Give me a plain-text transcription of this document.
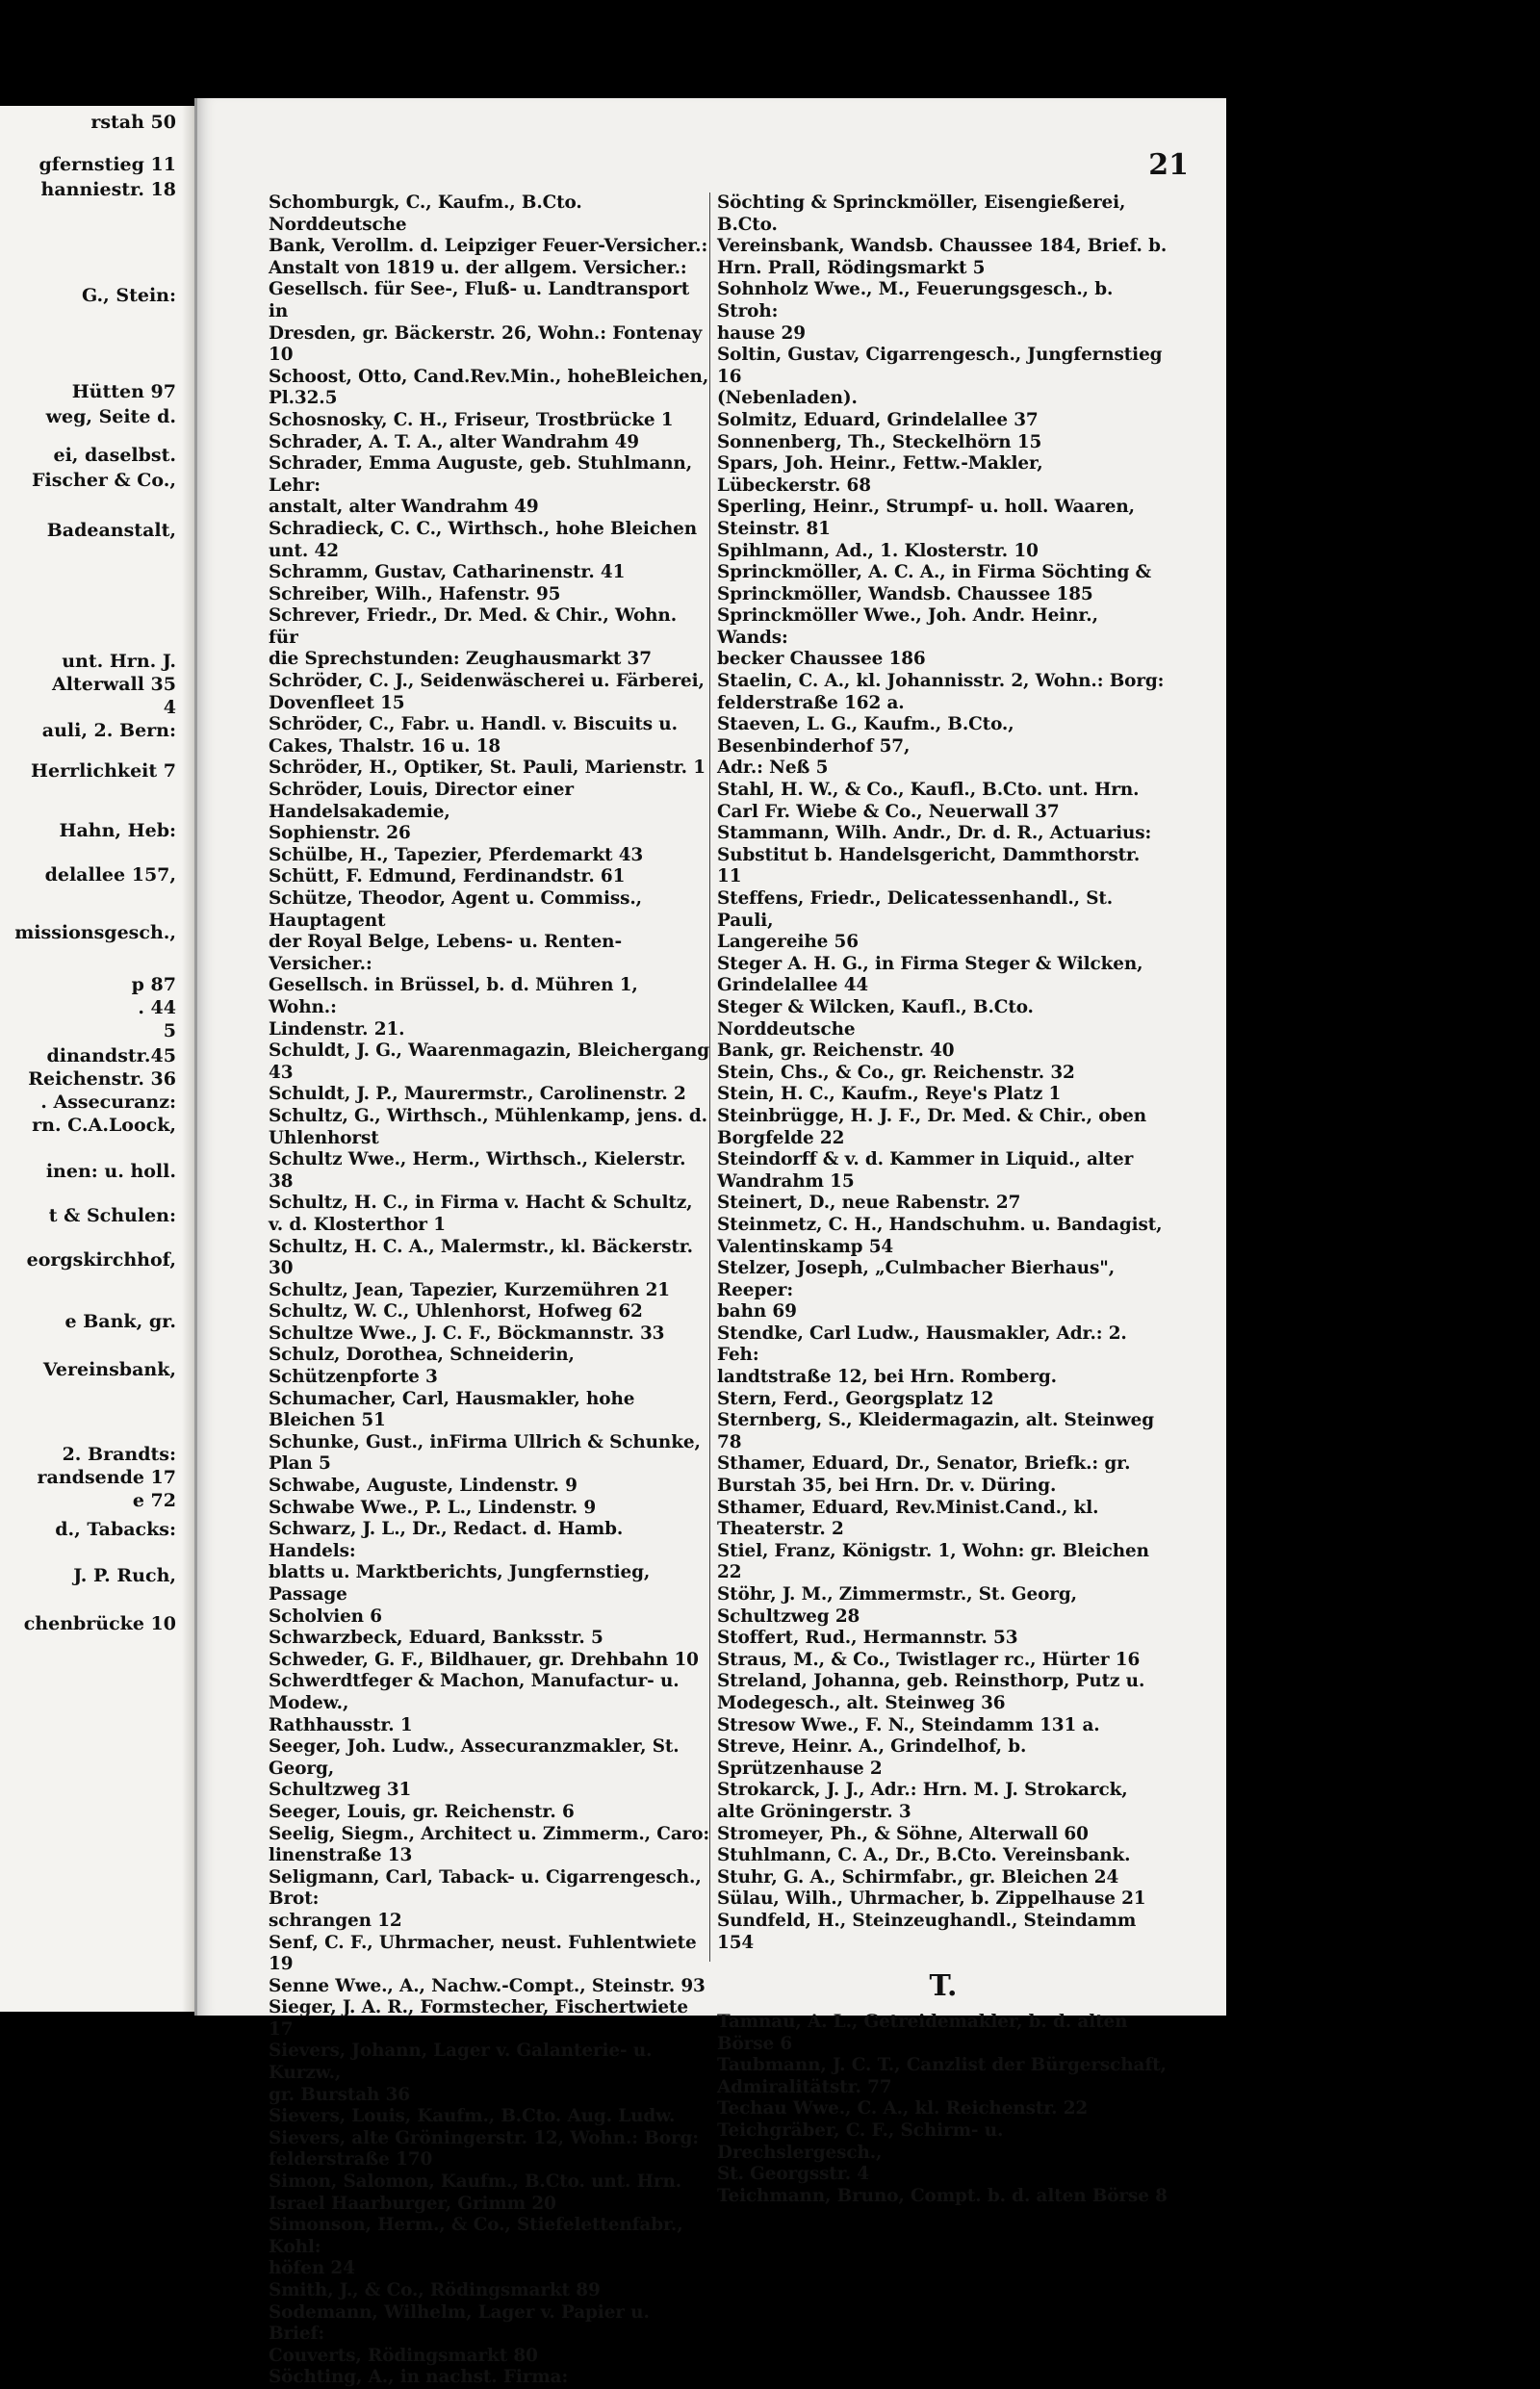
rstah 50
gfernstieg 11
hanniestr. 18
G., Stein:
Hütten 97
weg, Seite d.
ei, daselbst.
Fischer & Co.,
Badeanstalt,
unt. Hrn. J.
Alterwall 35
4
auli, 2. Bern:
Herrlichkeit 7
Hahn, Heb:
delallee 157,
missionsgesch.,
p 87
. 44
5
dinandstr.45
Reichenstr. 36
. Assecuranz:
rn. C.A.Loock,
inen: u. holl.
t & Schulen:
eorgskirchhof,
e Bank, gr.
Vereinsbank,
2. Brandts:
randsende 17
e 72
d., Tabacks:
J. P. Ruch,
chenbrücke 10
21
Schomburgk, C., Kaufm., B.Cto. Norddeutsche
Bank, Verollm. d. Leipziger Feuer-Versicher.:
Anstalt von 1819 u. der allgem. Versicher.:
Gesellsch. für See-, Fluß- u. Landtransport in
Dresden, gr. Bäckerstr. 26, Wohn.: Fontenay 10
Schoost, Otto, Cand.Rev.Min., hoheBleichen, Pl.32.5
Schosnosky, C. H., Friseur, Trostbrücke 1
Schrader, A. T. A., alter Wandrahm 49
Schrader, Emma Auguste, geb. Stuhlmann, Lehr:
anstalt, alter Wandrahm 49
Schradieck, C. C., Wirthsch., hohe Bleichen unt. 42
Schramm, Gustav, Catharinenstr. 41
Schreiber, Wilh., Hafenstr. 95
Schrever, Friedr., Dr. Med. & Chir., Wohn. für
die Sprechstunden: Zeughausmarkt 37
Schröder, C. J., Seidenwäscherei u. Färberei,
Dovenfleet 15
Schröder, C., Fabr. u. Handl. v. Biscuits u.
Cakes, Thalstr. 16 u. 18
Schröder, H., Optiker, St. Pauli, Marienstr. 1
Schröder, Louis, Director einer Handelsakademie,
Sophienstr. 26
Schülbe, H., Tapezier, Pferdemarkt 43
Schütt, F. Edmund, Ferdinandstr. 61
Schütze, Theodor, Agent u. Commiss., Hauptagent
der Royal Belge, Lebens- u. Renten-Versicher.:
Gesellsch. in Brüssel, b. d. Mühren 1, Wohn.:
Lindenstr. 21.
Schuldt, J. G., Waarenmagazin, Bleichergang 43
Schuldt, J. P., Maurermstr., Carolinenstr. 2
Schultz, G., Wirthsch., Mühlenkamp, jens. d. Uhlenhorst
Schultz Wwe., Herm., Wirthsch., Kielerstr. 38
Schultz, H. C., in Firma v. Hacht & Schultz,
v. d. Klosterthor 1
Schultz, H. C. A., Malermstr., kl. Bäckerstr. 30
Schultz, Jean, Tapezier, Kurzemühren 21
Schultz, W. C., Uhlenhorst, Hofweg 62
Schultze Wwe., J. C. F., Böckmannstr. 33
Schulz, Dorothea, Schneiderin, Schützenpforte 3
Schumacher, Carl, Hausmakler, hohe Bleichen 51
Schunke, Gust., inFirma Ullrich & Schunke, Plan 5
Schwabe, Auguste, Lindenstr. 9
Schwabe Wwe., P. L., Lindenstr. 9
Schwarz, J. L., Dr., Redact. d. Hamb. Handels:
blatts u. Marktberichts, Jungfernstieg, Passage
Scholvien 6
Schwarzbeck, Eduard, Banksstr. 5
Schweder, G. F., Bildhauer, gr. Drehbahn 10
Schwerdtfeger & Machon, Manufactur- u. Modew.,
Rathhausstr. 1
Seeger, Joh. Ludw., Assecuranzmakler, St. Georg,
Schultzweg 31
Seeger, Louis, gr. Reichenstr. 6
Seelig, Siegm., Architect u. Zimmerm., Caro:
linenstraße 13
Seligmann, Carl, Taback- u. Cigarrengesch., Brot:
schrangen 12
Senf, C. F., Uhrmacher, neust. Fuhlentwiete 19
Senne Wwe., A., Nachw.-Compt., Steinstr. 93
Sieger, J. A. R., Formstecher, Fischertwiete 17
Sievers, Johann, Lager v. Galanterie- u. Kurzw.,
gr. Burstah 36
Sievers, Louis, Kaufm., B.Cto. Aug. Ludw.
Sievers, alte Gröningerstr. 12, Wohn.: Borg:
felderstraße 170
Simon, Salomon, Kaufm., B.Cto. unt. Hrn.
Israel Haarburger, Grimm 20
Simonson, Herm., & Co., Stiefelettenfabr., Kohl:
höfen 24
Smith, J., & Co., Rödingsmarkt 89
Sodemann, Wilhelm, Lager v. Papier u. Brief:
Couverts, Rödingsmarkt 80
Söchting, A., in nachst. Firma:
Söchting & Sprinckmöller, Eisengießerei, B.Cto.
Vereinsbank, Wandsb. Chaussee 184, Brief. b.
Hrn. Prall, Rödingsmarkt 5
Sohnholz Wwe., M., Feuerungsgesch., b. Stroh:
hause 29
Soltin, Gustav, Cigarrengesch., Jungfernstieg 16
(Nebenladen).
Solmitz, Eduard, Grindelallee 37
Sonnenberg, Th., Steckelhörn 15
Spars, Joh. Heinr., Fettw.-Makler, Lübeckerstr. 68
Sperling, Heinr., Strumpf- u. holl. Waaren,
Steinstr. 81
Spihlmann, Ad., 1. Klosterstr. 10
Sprinckmöller, A. C. A., in Firma Söchting &
Sprinckmöller, Wandsb. Chaussee 185
Sprinckmöller Wwe., Joh. Andr. Heinr., Wands:
becker Chaussee 186
Staelin, C. A., kl. Johannisstr. 2, Wohn.: Borg:
felderstraße 162 a.
Staeven, L. G., Kaufm., B.Cto., Besenbinderhof 57,
Adr.: Neß 5
Stahl, H. W., & Co., Kaufl., B.Cto. unt. Hrn.
Carl Fr. Wiebe & Co., Neuerwall 37
Stammann, Wilh. Andr., Dr. d. R., Actuarius:
Substitut b. Handelsgericht, Dammthorstr. 11
Steffens, Friedr., Delicatessenhandl., St. Pauli,
Langereihe 56
Steger A. H. G., in Firma Steger & Wilcken,
Grindelallee 44
Steger & Wilcken, Kaufl., B.Cto. Norddeutsche
Bank, gr. Reichenstr. 40
Stein, Chs., & Co., gr. Reichenstr. 32
Stein, H. C., Kaufm., Reye's Platz 1
Steinbrügge, H. J. F., Dr. Med. & Chir., oben
Borgfelde 22
Steindorff & v. d. Kammer in Liquid., alter
Wandrahm 15
Steinert, D., neue Rabenstr. 27
Steinmetz, C. H., Handschuhm. u. Bandagist,
Valentinskamp 54
Stelzer, Joseph, „Culmbacher Bierhaus", Reeper:
bahn 69
Stendke, Carl Ludw., Hausmakler, Adr.: 2. Feh:
landtstraße 12, bei Hrn. Romberg.
Stern, Ferd., Georgsplatz 12
Sternberg, S., Kleidermagazin, alt. Steinweg 78
Sthamer, Eduard, Dr., Senator, Briefk.: gr.
Burstah 35, bei Hrn. Dr. v. Düring.
Sthamer, Eduard, Rev.Minist.Cand., kl. Theaterstr. 2
Stiel, Franz, Königstr. 1, Wohn: gr. Bleichen 22
Stöhr, J. M., Zimmermstr., St. Georg, Schultzweg 28
Stoffert, Rud., Hermannstr. 53
Straus, M., & Co., Twistlager rc., Hürter 16
Streland, Johanna, geb. Reinsthorp, Putz u.
Modegesch., alt. Steinweg 36
Stresow Wwe., F. N., Steindamm 131 a.
Streve, Heinr. A., Grindelhof, b. Sprützenhause 2
Strokarck, J. J., Adr.: Hrn. M. J. Strokarck,
alte Gröningerstr. 3
Stromeyer, Ph., & Söhne, Alterwall 60
Stuhlmann, C. A., Dr., B.Cto. Vereinsbank.
Stuhr, G. A., Schirmfabr., gr. Bleichen 24
Sülau, Wilh., Uhrmacher, b. Zippelhause 21
Sundfeld, H., Steinzeughandl., Steindamm 154
T.
Tamnau, A. L., Getreidemakler, b. d. alten Börse 6
Taubmann, J. C. T., Canzlist der Bürgerschaft,
Admiralitätstr. 77
Techau Wwe., C. A., kl. Reichenstr. 22
Teichgräber, C. F., Schirm- u. Drechslergesch.,
St. Georgsstr. 4
Teichmann, Bruno, Compt. b. d. alten Börse 8
